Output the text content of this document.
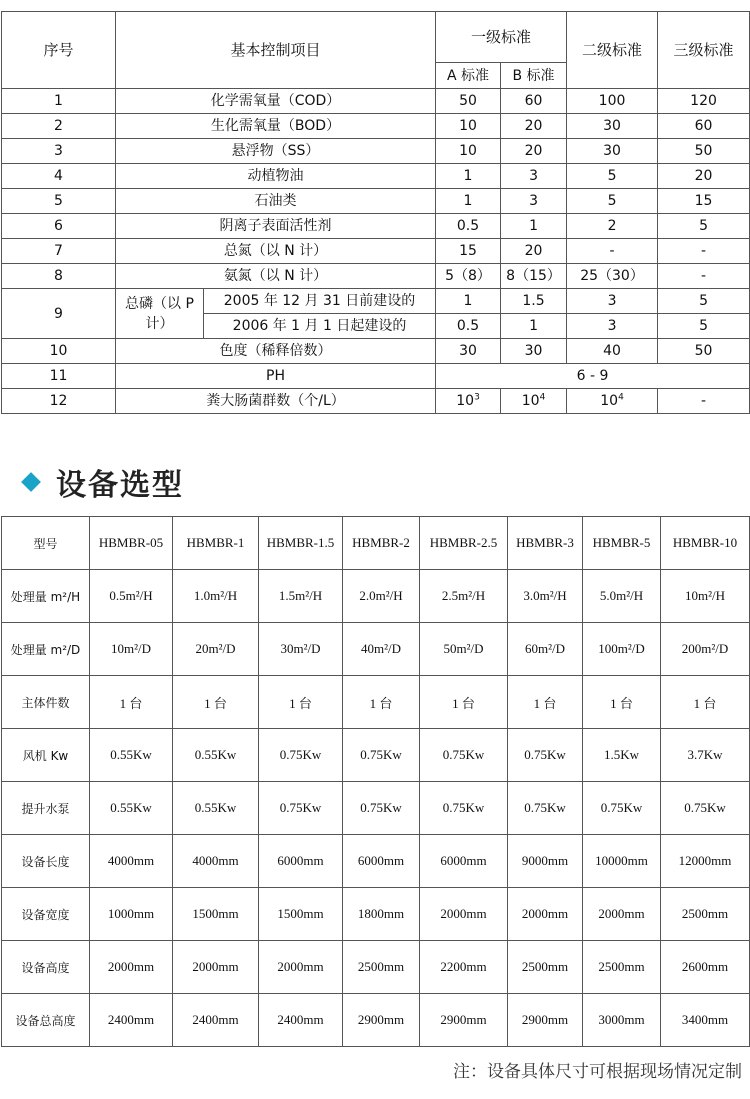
序号	基本控制项目		一级标准		二级标准	三级标准
			A 标准	B 标准		
1	化学需氧量（COD）		50	60	100	120
2	生化需氧量（BOD）		10	20	30	60
3	悬浮物（SS）		10	20	30	50
4	动植物油		1	3	5	20
5	石油类		1	3	5	15
6	阴离子表面活性剂		0.5	1	2	5
7	总氮（以 N 计）		15	20	-	-
8	氨氮（以 N 计）		5（8）	8（15）	25（30）	-
9	总磷（以 P 计）	2005 年 12 月 31 日前建设的	1	1.5	3	5
		2006 年 1 月 1 日起建设的	0.5	1	3	5
10	色度（稀释倍数）		30	30	40	50
11	PH		6 - 9			
12	粪大肠菌群数（个/L）		$10^3$	$10^4$	$10^4$	-
设备选型
型号	HBMBR-05	HBMBR-1	HBMBR-1.5	HBMBR-2	HBMBR-2.5	HBMBR-3	HBMBR-5	HBMBR-10
处理量 m²/H	0.5m²/H	1.0m²/H	1.5m²/H	2.0m²/H	2.5m²/H	3.0m²/H	5.0m²/H	10m²/H
处理量 m²/D	10m²/D	20m²/D	30m²/D	40m²/D	50m²/D	60m²/D	100m²/D	200m²/D
主体件数	1 台	1 台	1 台	1 台	1 台	1 台	1 台	1 台
风机 Kw	0.55Kw	0.55Kw	0.75Kw	0.75Kw	0.75Kw	0.75Kw	1.5Kw	3.7Kw
提升水泵	0.55Kw	0.55Kw	0.75Kw	0.75Kw	0.75Kw	0.75Kw	0.75Kw	0.75Kw
设备长度	4000mm	4000mm	6000mm	6000mm	6000mm	9000mm	10000mm	12000mm
设备宽度	1000mm	1500mm	1500mm	1800mm	2000mm	2000mm	2000mm	2500mm
设备高度	2000mm	2000mm	2000mm	2500mm	2200mm	2500mm	2500mm	2600mm
设备总高度	2400mm	2400mm	2400mm	2900mm	2900mm	2900mm	3000mm	3400mm
注：设备具体尺寸可根据现场情况定制
